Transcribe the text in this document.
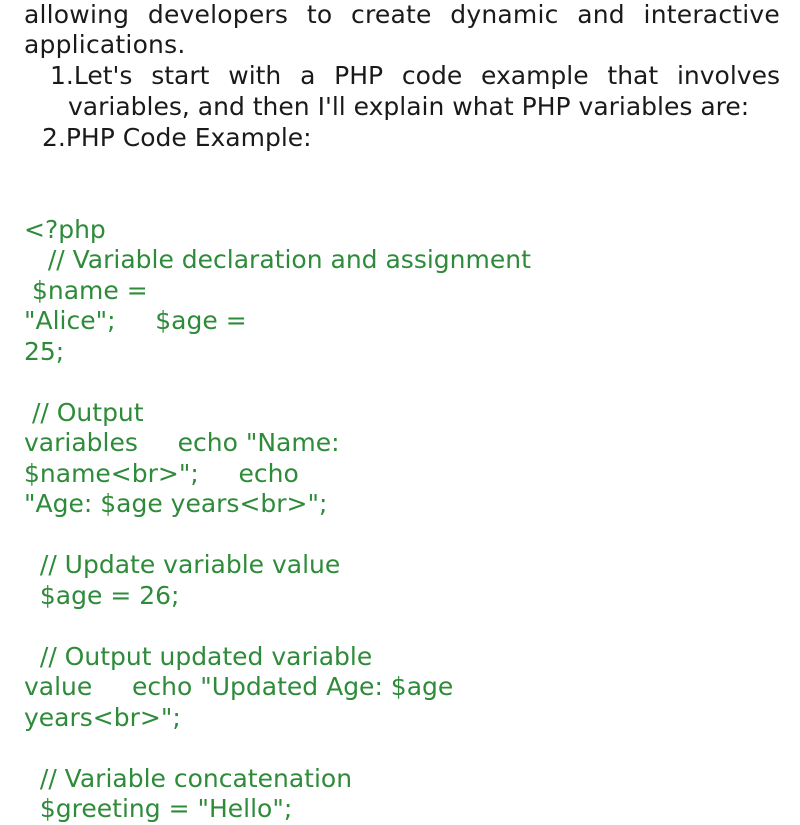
allowing developers to create dynamic and interactive
applications.

1.Let's start with a PHP code example that involves
variables, and then I'll explain what PHP variables are:
2.PHP Code Example:
<?php
// Variable declaration and assignment
$name =
"Alice";     $age =
25;
// Output
variables     echo "Name:
$name<br>";     echo
"Age: $age years<br>";
// Update variable value
$age = 26;
// Output updated variable
value     echo "Updated Age: $age
years<br>";
// Variable concatenation
$greeting = "Hello";
